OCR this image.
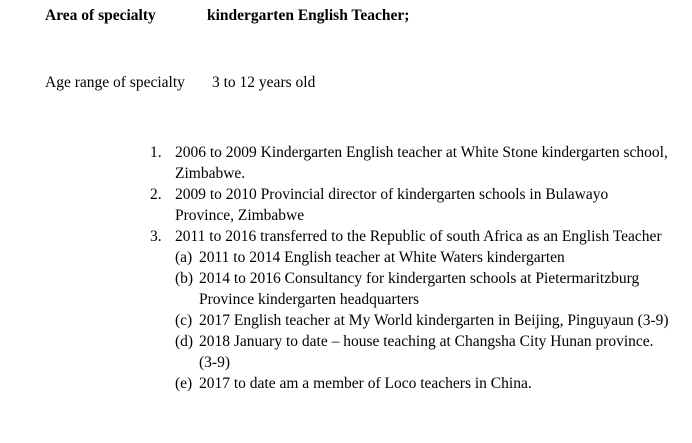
Area of specialty	kindergarten English Teacher;
Age range of specialty 3 to 12 years old
1. 2006 to 2009 Kindergarten English teacher at White Stone kindergarten school, Zimbabwe.
2. 2009 to 2010 Provincial director of kindergarten schools in Bulawayo Province, Zimbabwe
3. 2011 to 2016 transferred to the Republic of south Africa as an English Teacher
(a) 2011 to 2014 English teacher at White Waters kindergarten
(b) 2014 to 2016 Consultancy for kindergarten schools at Pietermaritzburg Province kindergarten headquarters
(c) 2017 English teacher at My World kindergarten in Beijing, Pinguyaun (3-9)
(d) 2018 January to date – house teaching at Changsha City Hunan province.(3-9)
(e) 2017 to date am a member of Loco teachers in China.
